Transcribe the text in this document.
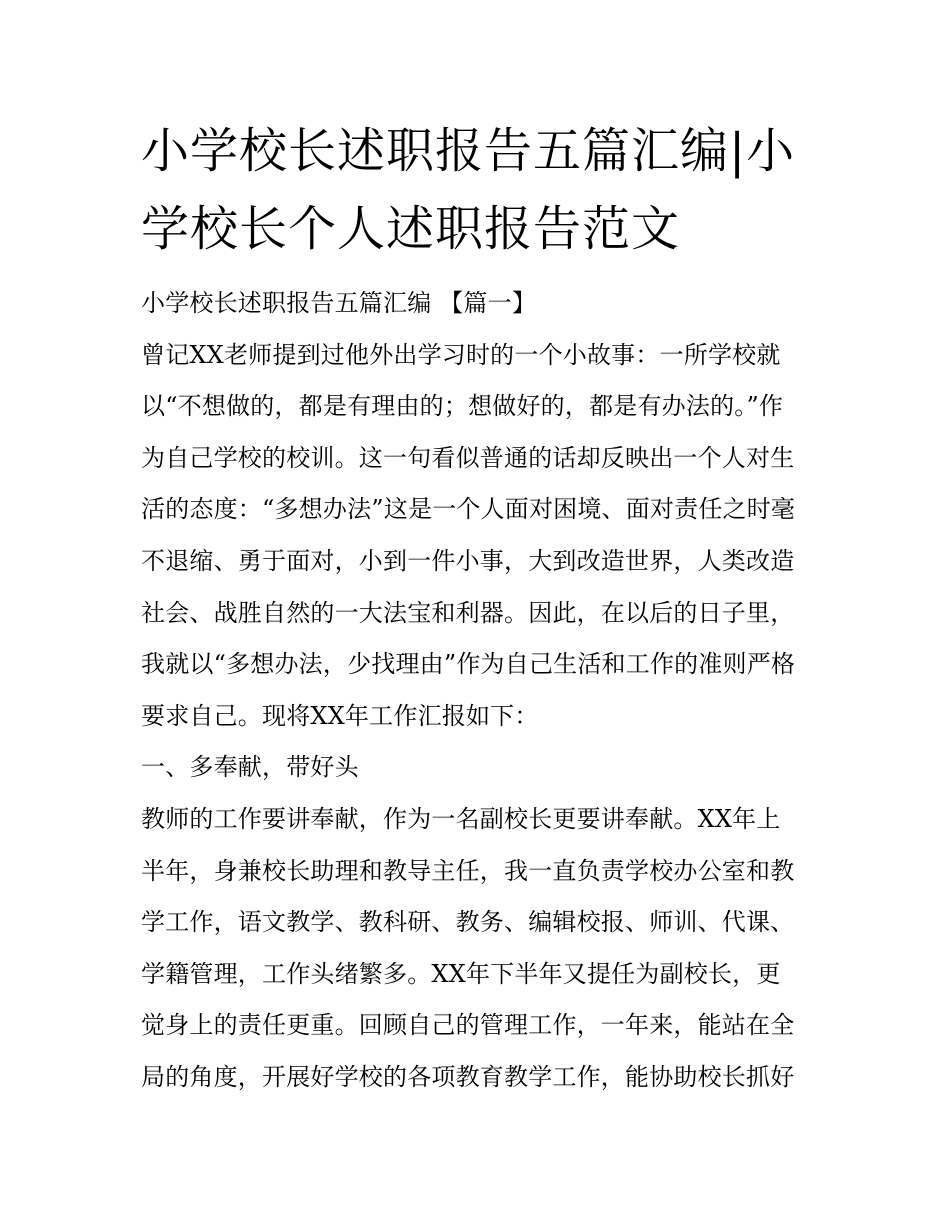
小学校长述职报告五篇汇编|小
学校长个人述职报告范文
小学校长述职报告五篇汇编 【篇一】
曾记XX老师提到过他外出学习时的一个小故事：一所学校就
以“不想做的，都是有理由的；想做好的，都是有办法的。”作
为自己学校的校训。这一句看似普通的话却反映出一个人对生
活的态度：“多想办法”这是一个人面对困境、面对责任之时毫
不退缩、勇于面对，小到一件小事，大到改造世界，人类改造
社会、战胜自然的一大法宝和利器。因此，在以后的日子里，
我就以“多想办法，少找理由”作为自己生活和工作的准则严格
要求自己。现将XX年工作汇报如下：
一、多奉献，带好头
教师的工作要讲奉献，作为一名副校长更要讲奉献。XX年上
半年，身兼校长助理和教导主任，我一直负责学校办公室和教
学工作，语文教学、教科研、教务、编辑校报、师训、代课、
学籍管理，工作头绪繁多。XX年下半年又提任为副校长，更
觉身上的责任更重。回顾自己的管理工作，一年来，能站在全
局的角度，开展好学校的各项教育教学工作，能协助校长抓好
